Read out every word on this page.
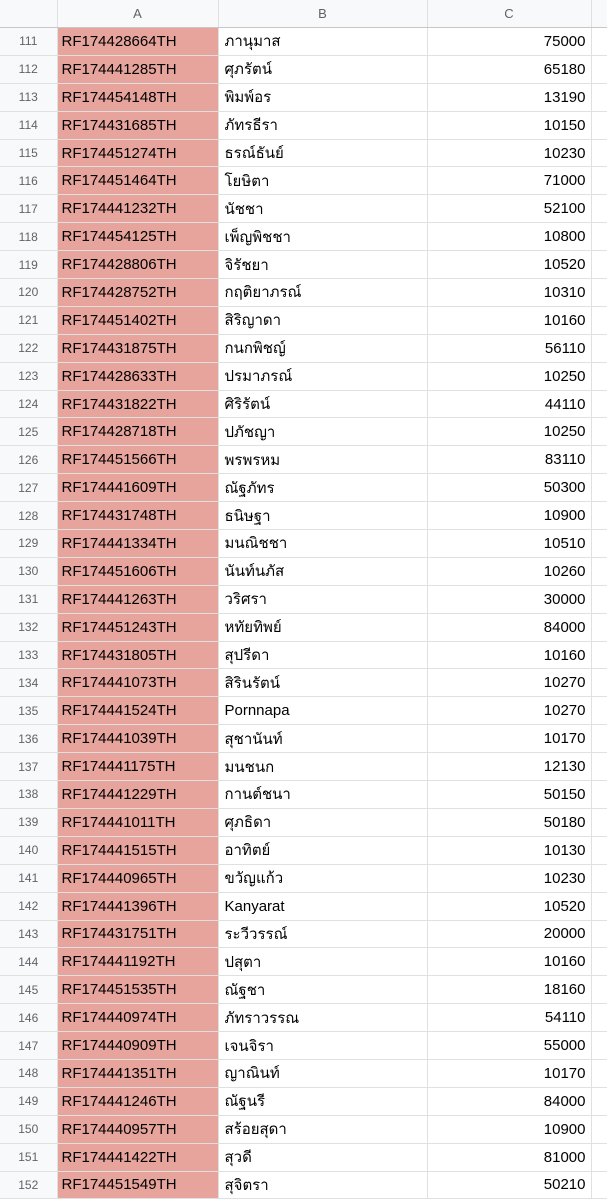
	A	B	C	
111	RF174428664TH	ภานุมาส	75000	
112	RF174441285TH	ศุภรัตน์	65180	
113	RF174454148TH	พิมพ์อร	13190	
114	RF174431685TH	ภัทรธีรา	10150	
115	RF174451274TH	ธรณ์ธันย์	10230	
116	RF174451464TH	โยษิตา	71000	
117	RF174441232TH	นัชชา	52100	
118	RF174454125TH	เพ็ญพิชชา	10800	
119	RF174428806TH	จิรัชยา	10520	
120	RF174428752TH	กฤติยาภรณ์	10310	
121	RF174451402TH	สิริญาดา	10160	
122	RF174431875TH	กนกพิชญ์	56110	
123	RF174428633TH	ปรมาภรณ์	10250	
124	RF174431822TH	ศิริรัตน์	44110	
125	RF174428718TH	ปภัชญา	10250	
126	RF174451566TH	พรพรหม	83110	
127	RF174441609TH	ณัฐภัทร	50300	
128	RF174431748TH	ธนิษฐา	10900	
129	RF174441334TH	มนณิชชา	10510	
130	RF174451606TH	นันท์นภัส	10260	
131	RF174441263TH	วริศรา	30000	
132	RF174451243TH	หทัยทิพย์	84000	
133	RF174431805TH	สุปรีดา	10160	
134	RF174441073TH	สิรินรัตน์	10270	
135	RF174441524TH	Pornnapa	10270	
136	RF174441039TH	สุชานันท์	10170	
137	RF174441175TH	มนชนก	12130	
138	RF174441229TH	กานต์ชนา	50150	
139	RF174441011TH	ศุภธิดา	50180	
140	RF174441515TH	อาทิตย์	10130	
141	RF174440965TH	ขวัญแก้ว	10230	
142	RF174441396TH	Kanyarat	10520	
143	RF174431751TH	ระวีวรรณ์	20000	
144	RF174441192TH	ปสุตา	10160	
145	RF174451535TH	ณัฐชา	18160	
146	RF174440974TH	ภัทราวรรณ	54110	
147	RF174440909TH	เจนจิรา	55000	
148	RF174441351TH	ญาณินท์	10170	
149	RF174441246TH	ณัฐนรี	84000	
150	RF174440957TH	สร้อยสุดา	10900	
151	RF174441422TH	สุวดี	81000	
152	RF174451549TH	สุจิตรา	50210	
